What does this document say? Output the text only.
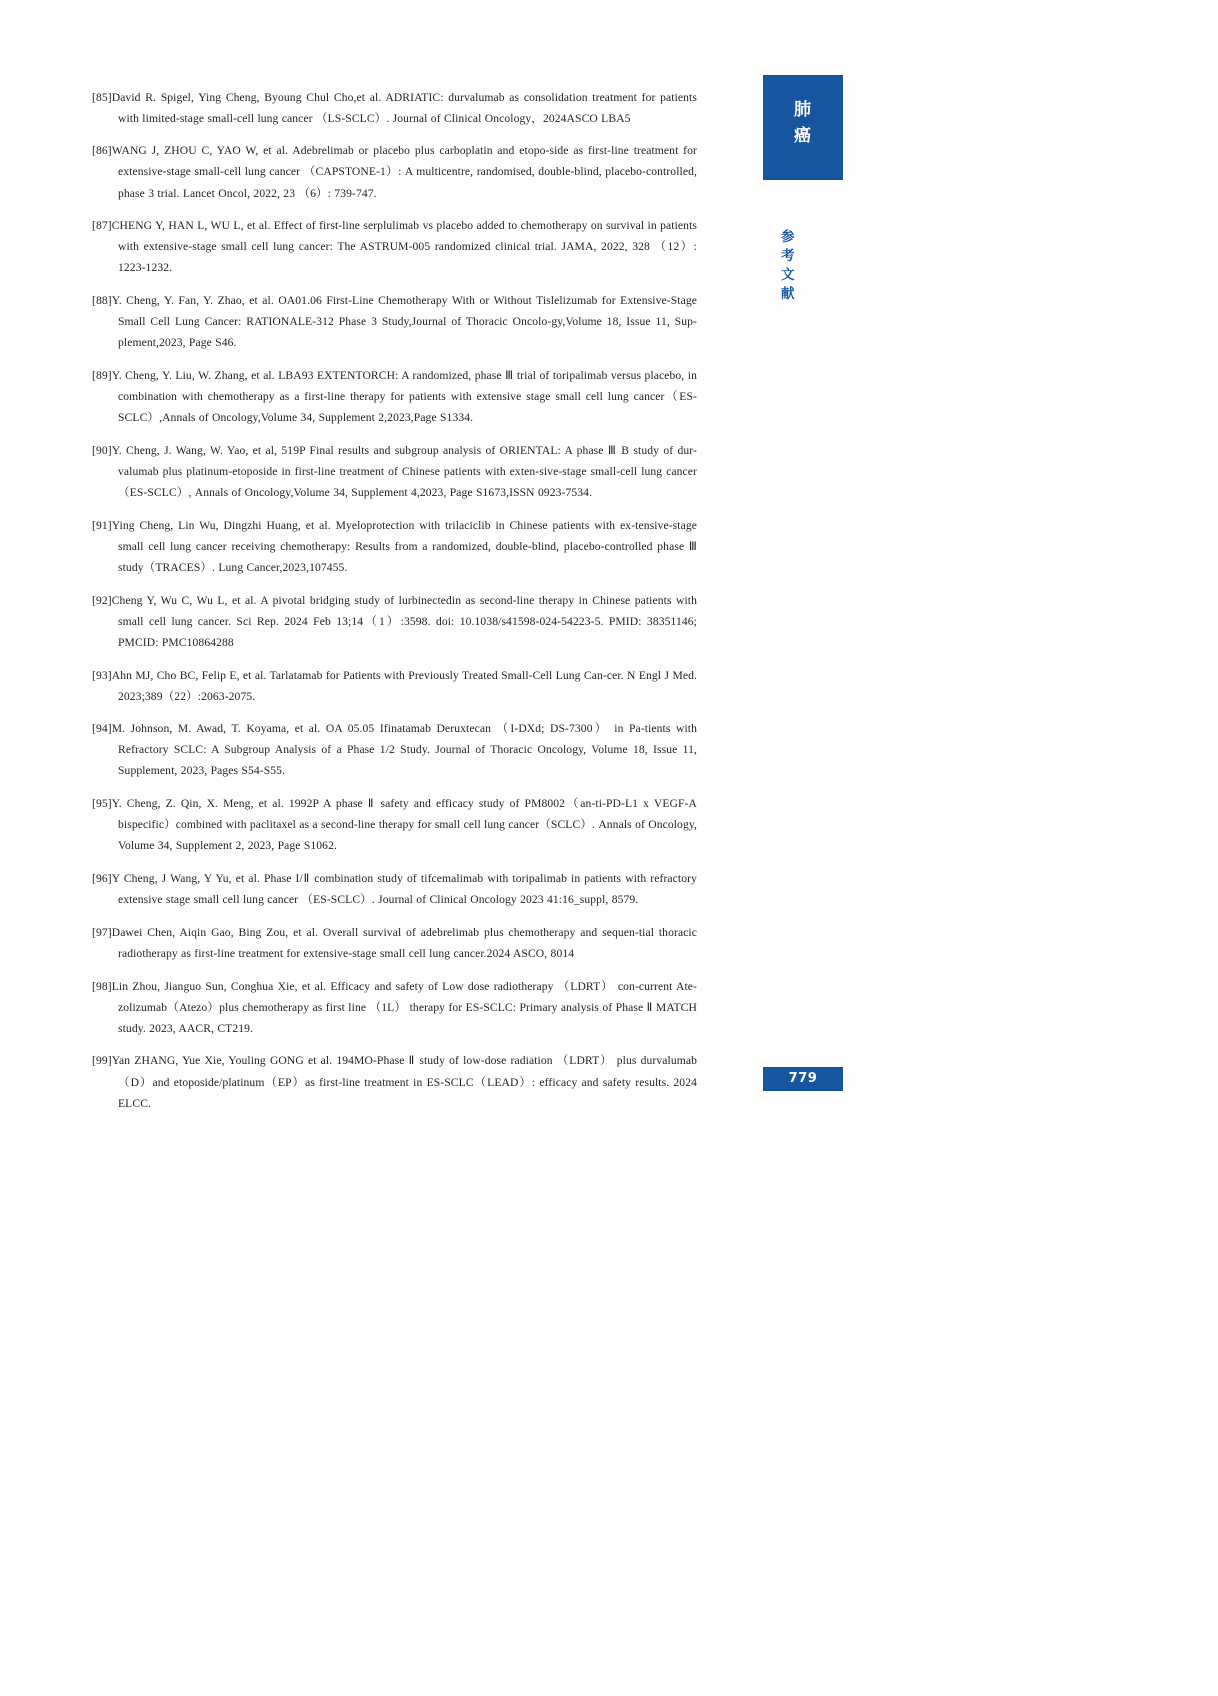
[85]David R. Spigel, Ying Cheng, Byoung Chul Cho,et al. ADRIATIC: durvalumab as consolidation treatment for patients with limited-stage small-cell lung cancer （LS-SCLC）. Journal of Clinical Oncology，2024ASCO LBA5

[86]WANG J, ZHOU C, YAO W, et al. Adebrelimab or placebo plus carboplatin and etopo-side as first-line treatment for extensive-stage small-cell lung cancer （CAPSTONE-1）: A multicentre, randomised, double-blind, placebo-controlled, phase 3 trial. Lancet Oncol, 2022, 23 （6）: 739-747.

[87]CHENG Y, HAN L, WU L, et al. Effect of first-line serplulimab vs placebo added to chemotherapy on survival in patients with extensive-stage small cell lung cancer: The ASTRUM-005 randomized clinical trial. JAMA, 2022, 328 （12）: 1223-1232.

[88]Y. Cheng, Y. Fan, Y. Zhao, et al. OA01.06 First-Line Chemotherapy With or Without Tislelizumab for Extensive-Stage Small Cell Lung Cancer: RATIONALE-312 Phase 3 Study,Journal of Thoracic Oncolo-gy,Volume 18, Issue 11, Sup-plement,2023, Page S46.

[89]Y. Cheng, Y. Liu, W. Zhang, et al. LBA93 EXTENTORCH: A randomized, phase Ⅲ trial of toripalimab versus placebo, in combination with chemotherapy as a first-line therapy for patients with extensive stage small cell lung cancer（ES-SCLC）,Annals of Oncology,Volume 34, Supplement 2,2023,Page S1334.

[90]Y. Cheng, J. Wang, W. Yao, et al, 519P Final results and subgroup analysis of ORIENTAL: A phase Ⅲ B study of dur-valumab plus platinum-etoposide in first-line treatment of Chinese patients with exten-sive-stage small-cell lung cancer （ES-SCLC）, Annals of Oncology,Volume 34, Supplement 4,2023, Page S1673,ISSN 0923-7534.

[91]Ying Cheng, Lin Wu, Dingzhi Huang, et al. Myeloprotection with trilaciclib in Chinese patients with ex-tensive-stage small cell lung cancer receiving chemotherapy: Results from a randomized, double-blind, placebo-controlled phase Ⅲ study（TRACES）. Lung Cancer,2023,107455.

[92]Cheng Y, Wu C, Wu L, et al. A pivotal bridging study of lurbinectedin as second-line therapy in Chinese patients with small cell lung cancer. Sci Rep. 2024 Feb 13;14（1）:3598. doi: 10.1038/s41598-024-54223-5. PMID: 38351146; PMCID: PMC10864288

[93]Ahn MJ, Cho BC, Felip E, et al. Tarlatamab for Patients with Previously Treated Small-Cell Lung Can-cer. N Engl J Med. 2023;389（22）:2063-2075.

[94]M. Johnson, M. Awad, T. Koyama, et al. OA 05.05 Ifinatamab Deruxtecan （I-DXd; DS-7300） in Pa-tients with Refractory SCLC: A Subgroup Analysis of a Phase 1/2 Study. Journal of Thoracic Oncology, Volume 18, Issue 11, Supplement, 2023, Pages S54-S55.

[95]Y. Cheng, Z. Qin, X. Meng, et al. 1992P A phase Ⅱ safety and efficacy study of PM8002（an-ti-PD-L1 x VEGF-A bispecific）combined with paclitaxel as a second-line therapy for small cell lung cancer（SCLC）. Annals of Oncology, Volume 34, Supplement 2, 2023, Page S1062.

[96]Y Cheng, J Wang, Y Yu, et al. Phase I/Ⅱ combination study of tifcemalimab with toripalimab in patients with refractory extensive stage small cell lung cancer （ES-SCLC）. Journal of Clinical Oncology 2023 41:16_suppl, 8579.

[97]Dawei Chen, Aiqin Gao, Bing Zou, et al. Overall survival of adebrelimab plus chemotherapy and sequen-tial thoracic radiotherapy as first-line treatment for extensive-stage small cell lung cancer.2024 ASCO, 8014

[98]Lin Zhou, Jianguo Sun, Conghua Xie, et al. Efficacy and safety of Low dose radiotherapy （LDRT） con-current Ate-zolizumab（Atezo）plus chemotherapy as first line （1L） therapy for ES-SCLC: Primary analysis of Phase Ⅱ MATCH study. 2023, AACR, CT219.

[99]Yan ZHANG, Yue Xie, Youling GONG et al. 194MO-Phase Ⅱ study of low-dose radiation （LDRT） plus durvalumab（D）and etoposide/platinum（EP）as first-line treatment in ES-SCLC（LEAD）: efficacy and safety results. 2024 ELCC.

肺
癌
参
考
文
献
779
